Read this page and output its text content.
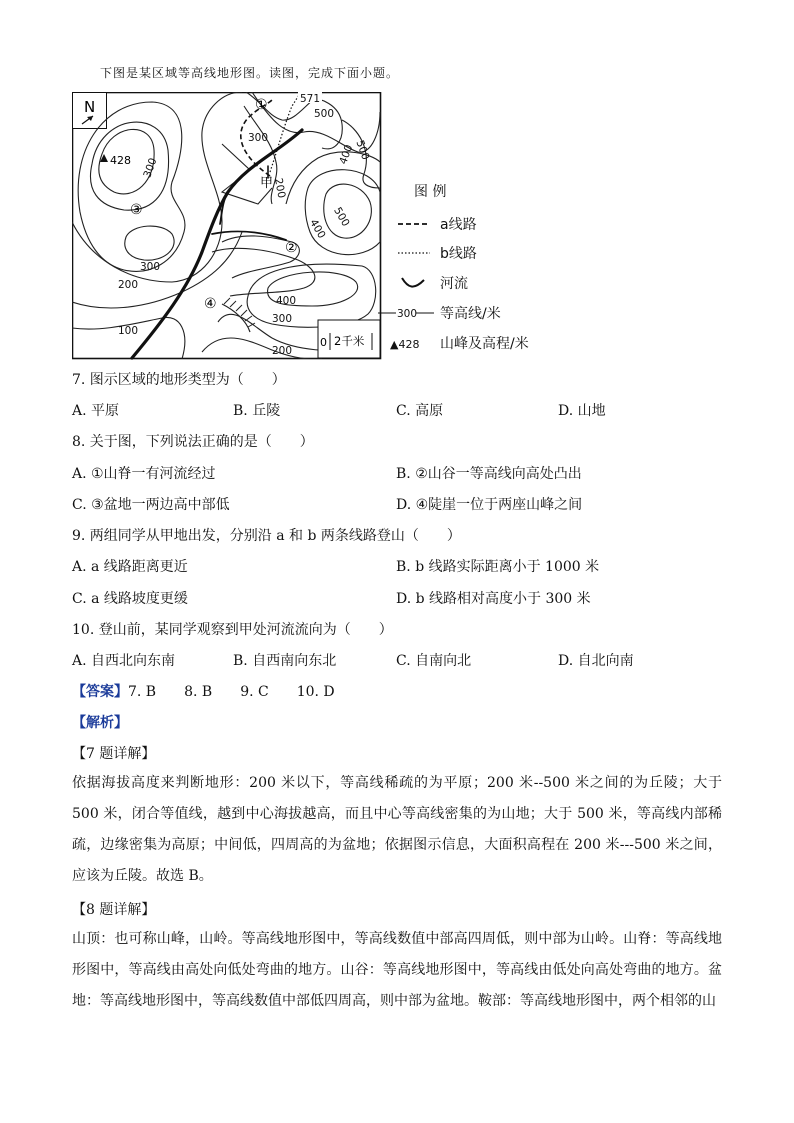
下图是某区域等高线地形图。读图，完成下面小题。
N
428
571
500
500
500
300
300
300
300
400
400
400
200
200
200
100
甲
①
②
③
④
0 2千米
图 例
a线路
b线路
河流
300 等高线/米
▲428 山峰及高程/米
7. 图示区域的地形类型为（　　）
A. 平原	B. 丘陵	C. 高原	D. 山地
8. 关于图，下列说法正确的是（　　）
A. ①山脊一有河流经过	B. ②山谷一等高线向高处凸出
C. ③盆地一两边高中部低	D. ④陡崖一位于两座山峰之间
9. 两组同学从甲地出发，分别沿 a 和 b 两条线路登山（　　）
A. a 线路距离更近	B. b 线路实际距离小于 1000 米
C. a 线路坡度更缓	D. b 线路相对高度小于 300 米
10. 登山前，某同学观察到甲处河流流向为（　　）
A. 自西北向东南	B. 自西南向东北	C. 自南向北	D. 自北向南
【答案】7. B　　8. B　　9. C　　10. D
【解析】
【7 题详解】
依据海拔高度来判断地形：200 米以下，等高线稀疏的为平原；200 米--500 米之间的为丘陵；大于 500 米，闭合等值线，越到中心海拔越高，而且中心等高线密集的为山地；大于 500 米，等高线内部稀疏，边缘密集为高原；中间低，四周高的为盆地；依据图示信息，大面积高程在 200 米---500 米之间，应该为丘陵。故选 B。
【8 题详解】
山顶：也可称山峰，山岭。等高线地形图中，等高线数值中部高四周低，则中部为山岭。山脊：等高线地形图中，等高线由高处向低处弯曲的地方。山谷：等高线地形图中，等高线由低处向高处弯曲的地方。盆地：等高线地形图中，等高线数值中部低四周高，则中部为盆地。鞍部：等高线地形图中，两个相邻的山
